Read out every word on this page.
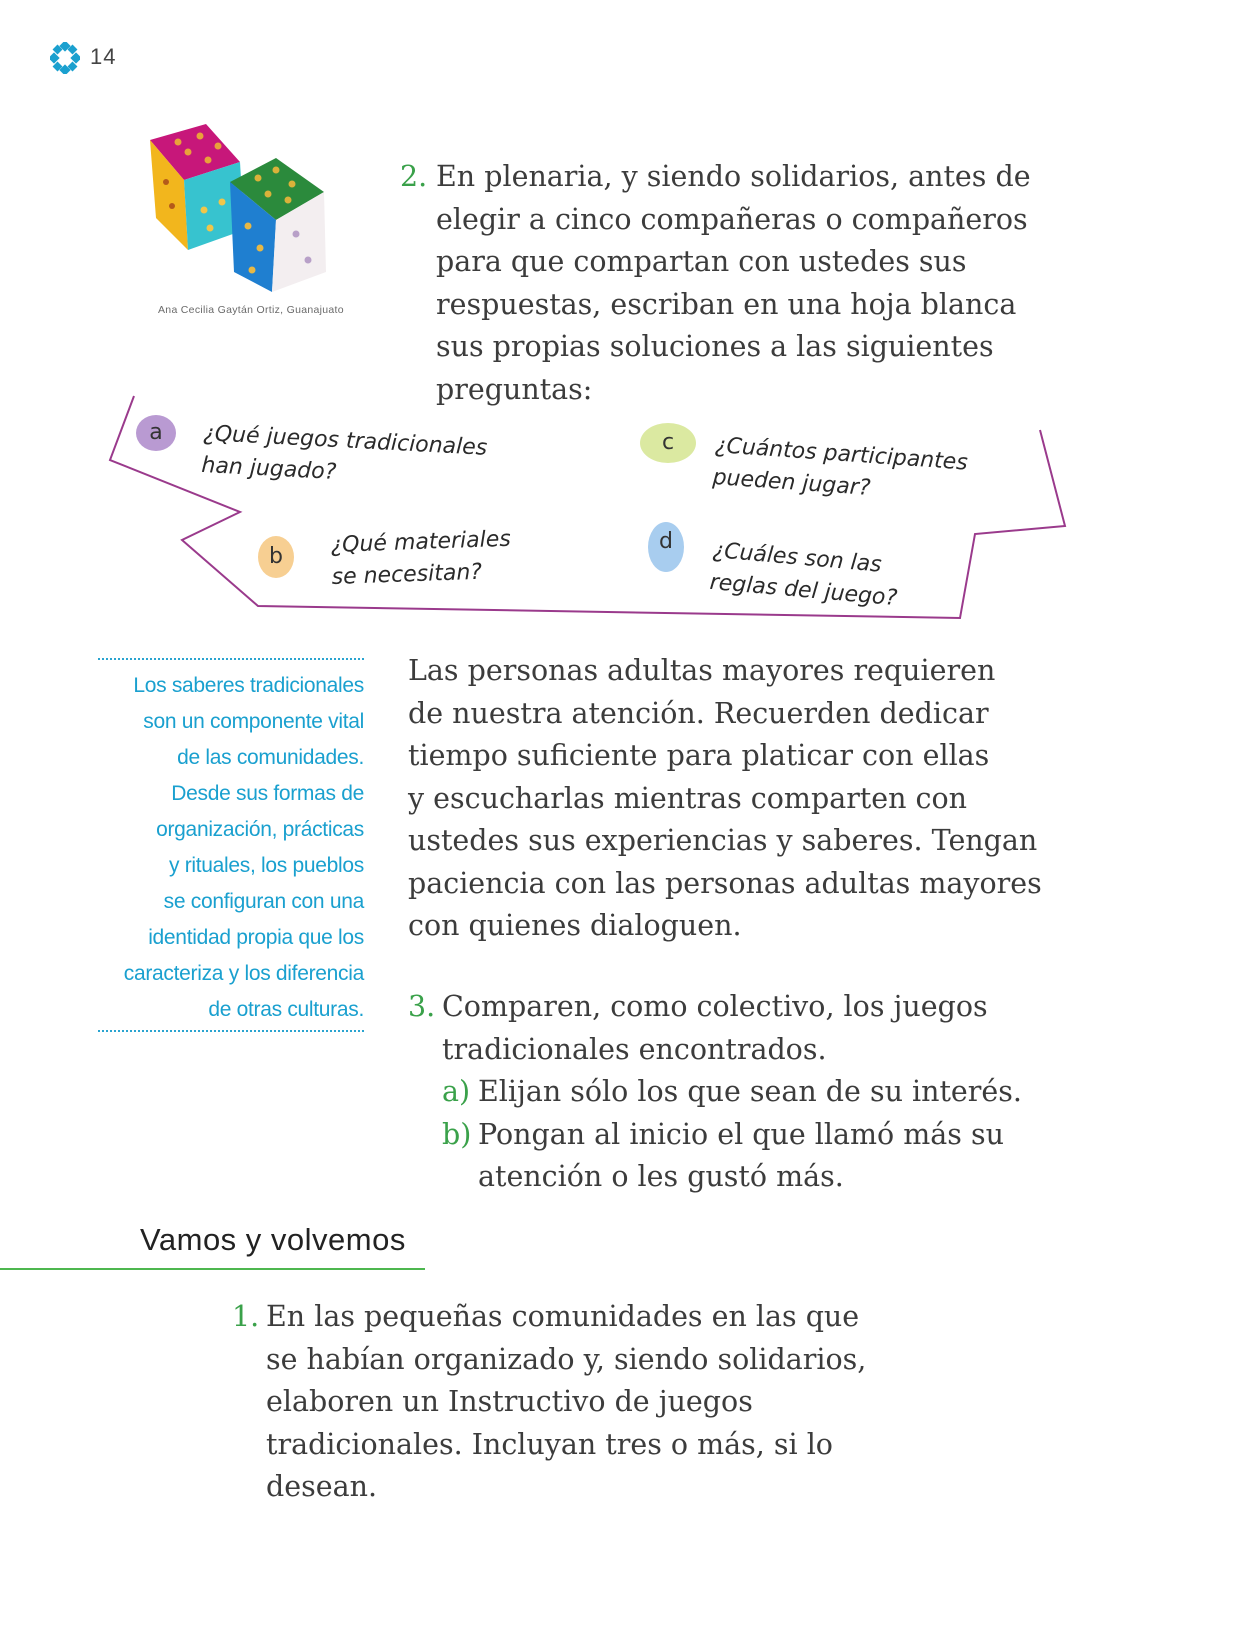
14
Ana Cecilia Gaytán Ortiz, Guanajuato
2. En plenaria, y siendo solidarios, antes de
elegir a cinco compañeras o compañeros
para que compartan con ustedes sus
respuestas, escriban en una hoja blanca
sus propias soluciones a las siguientes
preguntas:
a	¿Qué juegos tradicionales
han jugado?
b	¿Qué materiales
se necesitan?
c	¿Cuántos participantes
pueden jugar?
d	¿Cuáles son las
reglas del juego?
Los saberes tradicionales
son un componente vital
de las comunidades.
Desde sus formas de
organización, prácticas
y rituales, los pueblos
se configuran con una
identidad propia que los
caracteriza y los diferencia
de otras culturas.
Las personas adultas mayores requieren
de nuestra atención. Recuerden dedicar
tiempo suficiente para platicar con ellas
y escucharlas mientras comparten con
ustedes sus experiencias y saberes. Tengan
paciencia con las personas adultas mayores
con quienes dialoguen.
3. Comparen, como colectivo, los juegos
tradicionales encontrados.
a) Elijan sólo los que sean de su interés.
b) Pongan al inicio el que llamó más su
atención o les gustó más.
Vamos y volvemos
1. En las pequeñas comunidades en las que
se habían organizado y, siendo solidarios,
elaboren un Instructivo de juegos
tradicionales. Incluyan tres o más, si lo
desean.
